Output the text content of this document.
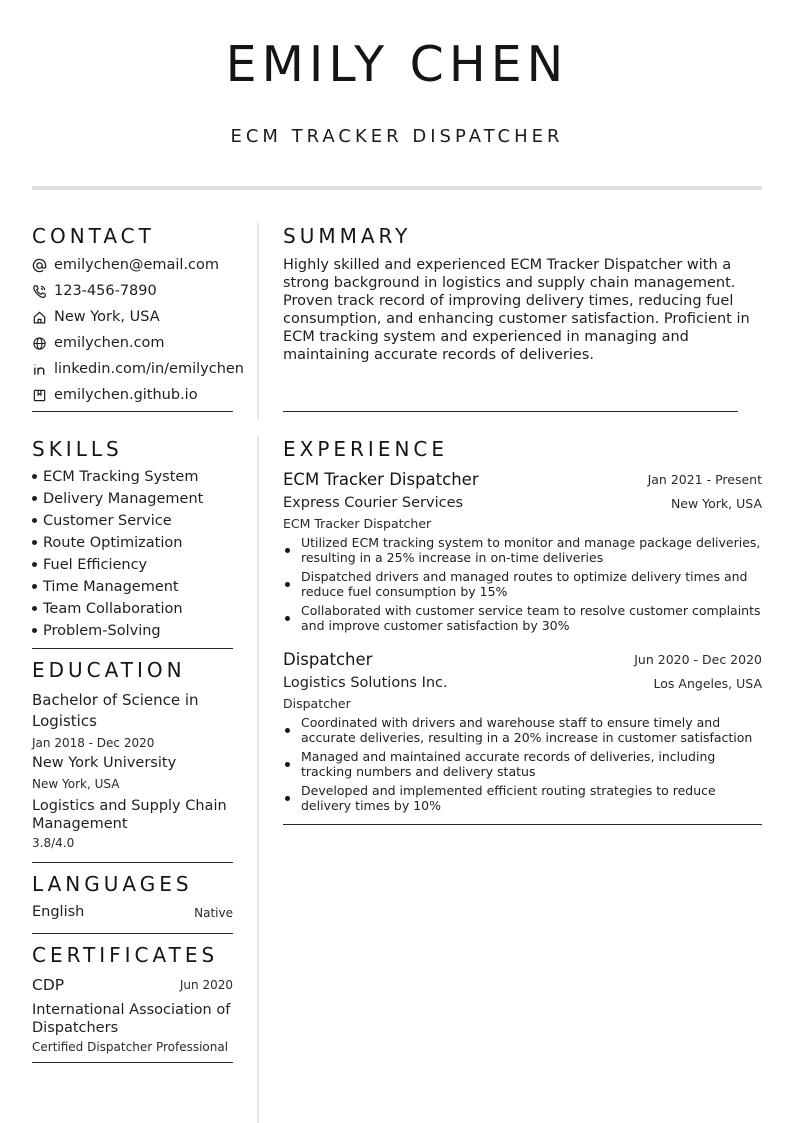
EMILY CHEN
ECM TRACKER DISPATCHER
CONTACT
emilychen@email.com
123-456-7890
New York, USA
emilychen.com
linkedin.com/in/emilychen
emilychen.github.io
SUMMARY
Highly skilled and experienced ECM Tracker Dispatcher with a strong background in logistics and supply chain management. Proven track record of improving delivery times, reducing fuel consumption, and enhancing customer satisfaction. Proficient in ECM tracking system and experienced in managing and maintaining accurate records of deliveries.
SKILLS
ECM Tracking System
Delivery Management
Customer Service
Route Optimization
Fuel Efficiency
Time Management
Team Collaboration
Problem-Solving
EDUCATION
Bachelor of Science in Logistics
Jan 2018 - Dec 2020
New York University
New York, USA
Logistics and Supply Chain Management
3.8/4.0
LANGUAGES
English	Native
CERTIFICATES
CDP	Jun 2020
International Association of Dispatchers
Certified Dispatcher Professional
EXPERIENCE
ECM Tracker Dispatcher	Jan 2021 - Present
Express Courier Services	New York, USA
ECM Tracker Dispatcher
Utilized ECM tracking system to monitor and manage package deliveries, resulting in a 25% increase in on-time deliveries
Dispatched drivers and managed routes to optimize delivery times and reduce fuel consumption by 15%
Collaborated with customer service team to resolve customer complaints and improve customer satisfaction by 30%
Dispatcher	Jun 2020 - Dec 2020
Logistics Solutions Inc.	Los Angeles, USA
Dispatcher
Coordinated with drivers and warehouse staff to ensure timely and accurate deliveries, resulting in a 20% increase in customer satisfaction
Managed and maintained accurate records of deliveries, including tracking numbers and delivery status
Developed and implemented efficient routing strategies to reduce delivery times by 10%
